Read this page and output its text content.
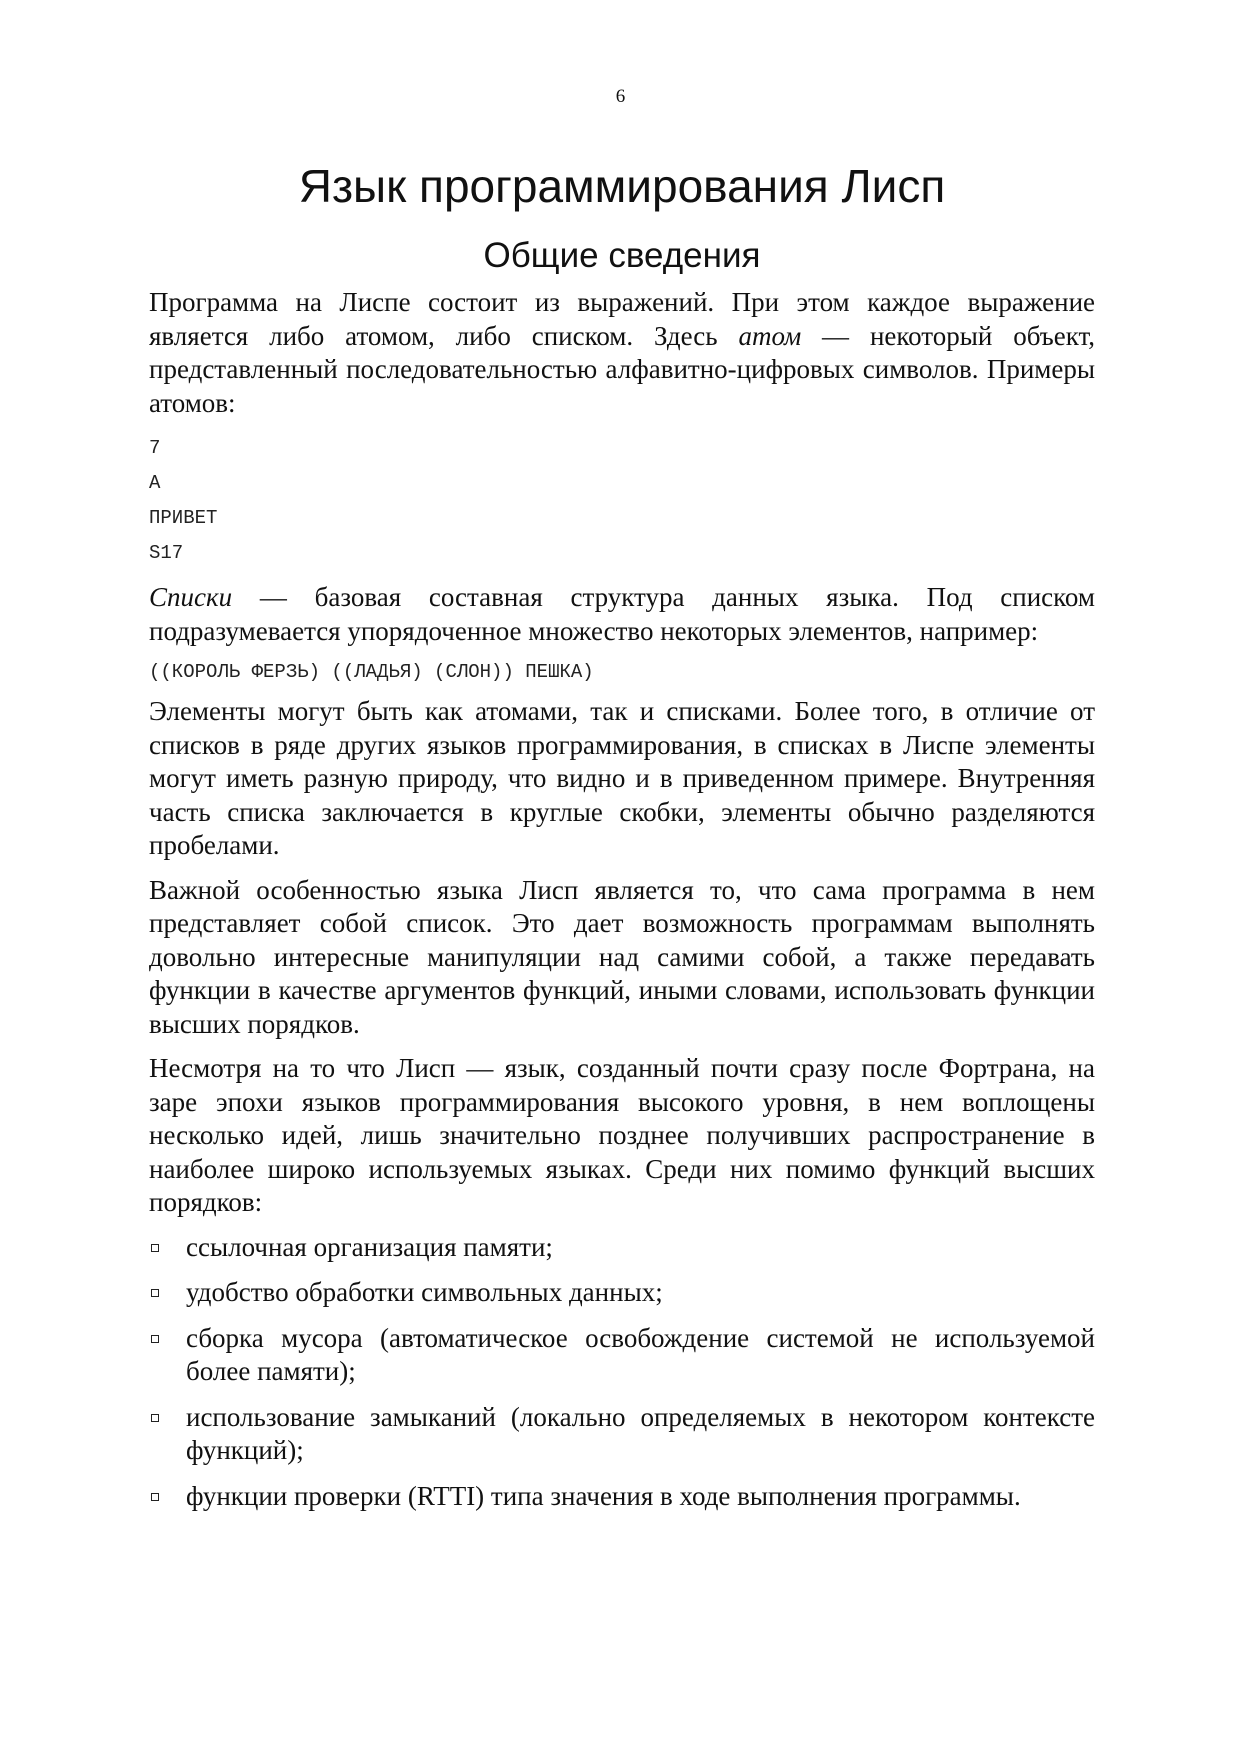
6
Язык программирования Лисп
Общие сведения

Программа на Лиспе состоит из выражений. При этом каждое выражение является либо атомом, либо списком. Здесь атом — некоторый объект, представленный последовательностью алфавитно-цифровых символов. Примеры атомов:

7
A
ПРИВЕТ
S17

Списки — базовая составная структура данных языка. Под списком подразумевается упорядоченное множество некоторых элементов, например:

((КОРОЛЬ ФЕРЗЬ) ((ЛАДЬЯ) (СЛОН)) ПЕШКА)

Элементы могут быть как атомами, так и списками. Более того, в отличие от списков в ряде других языков программирования, в списках в Лиспе элементы могут иметь разную природу, что видно и в приведенном примере. Внутренняя часть списка заключается в круглые скобки, элементы обычно разделяются пробелами.

Важной особенностью языка Лисп является то, что сама программа в нем представляет собой список. Это дает возможность программам выполнять довольно интересные манипуляции над самими собой, а также передавать функции в качестве аргументов функций, иными словами, использовать функции высших порядков.

Несмотря на то что Лисп — язык, созданный почти сразу после Фортрана, на заре эпохи языков программирования высокого уровня, в нем воплощены несколько идей, лишь значительно позднее получивших распространение в наиболее широко используемых языках. Среди них помимо функций высших порядков:

ссылочная организация памяти;
удобство обработки символьных данных;
сборка мусора (автоматическое освобождение системой не используемой более памяти);
использование замыканий (локально определяемых в некотором контексте функций);
функции проверки (RTTI) типа значения в ходе выполнения программы.
